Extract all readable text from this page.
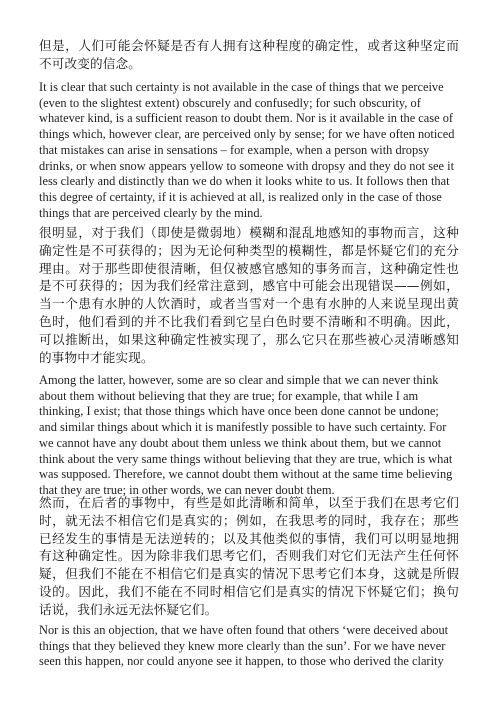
但是，人们可能会怀疑是否有人拥有这种程度的确定性，或者这种坚定而不可改变的信念。

It is clear that such certainty is not available in the case of things that we perceive (even to the slightest extent) obscurely and confusedly; for such obscurity, of whatever kind, is a sufficient reason to doubt them. Nor is it available in the case of things which, however clear, are perceived only by sense; for we have often noticed that mistakes can arise in sensations – for example, when a person with dropsy drinks, or when snow appears yellow to someone with dropsy and they do not see it less clearly and distinctly than we do when it looks white to us. It follows then that this degree of certainty, if it is achieved at all, is realized only in the case of those things that are perceived clearly by the mind.

很明显，对于我们（即使是微弱地）模糊和混乱地感知的事物而言，这种确定性是不可获得的；因为无论何种类型的模糊性，都是怀疑它们的充分理由。对于那些即使很清晰，但仅被感官感知的事务而言，这种确定性也是不可获得的；因为我们经常注意到，感官中可能会出现错误——例如，当一个患有水肿的人饮酒时，或者当雪对一个患有水肿的人来说呈现出黄色时，他们看到的并不比我们看到它呈白色时要不清晰和不明确。因此，可以推断出，如果这种确定性被实现了，那么它只在那些被心灵清晰感知的事物中才能实现。

Among the latter, however, some are so clear and simple that we can never think about them without believing that they are true; for example, that while I am thinking, I exist; that those things which have once been done cannot be undone; and similar things about which it is manifestly possible to have such certainty. For we cannot have any doubt about them unless we think about them, but we cannot think about the very same things without believing that they are true, which is what was supposed. Therefore, we cannot doubt them without at the same time believing that they are true; in other words, we can never doubt them.

然而，在后者的事物中，有些是如此清晰和简单，以至于我们在思考它们时，就无法不相信它们是真实的；例如，在我思考的同时，我存在；那些已经发生的事情是无法逆转的；以及其他类似的事情，我们可以明显地拥有这种确定性。因为除非我们思考它们，否则我们对它们无法产生任何怀疑，但我们不能在不相信它们是真实的情况下思考它们本身，这就是所假设的。因此，我们不能在不同时相信它们是真实的情况下怀疑它们；换句话说，我们永远无法怀疑它们。

Nor is this an objection, that we have often found that others ‘were deceived about things that they believed they knew more clearly than the sun’. For we have never seen this happen, nor could anyone see it happen, to those who derived the clarity
